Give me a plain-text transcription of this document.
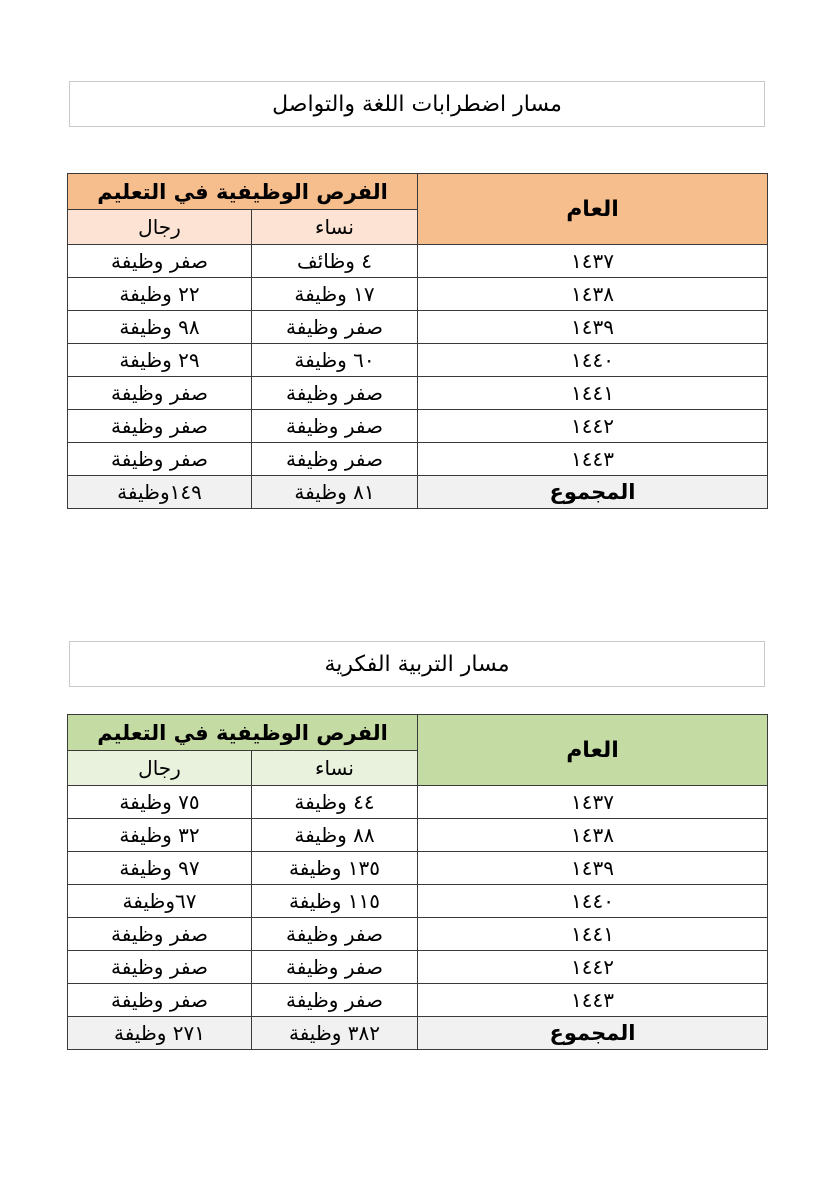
مسار اضطرابات اللغة والتواصل
العام	الفرص الوظيفية في التعليم	
	نساء	رجال
١٤٣٧	٤ وظائف	صفر وظيفة
١٤٣٨	١٧ وظيفة	٢٢ وظيفة
١٤٣٩	صفر وظيفة	٩٨ وظيفة
١٤٤٠	٦٠ وظيفة	٢٩ وظيفة
١٤٤١	صفر وظيفة	صفر وظيفة
١٤٤٢	صفر وظيفة	صفر وظيفة
١٤٤٣	صفر وظيفة	صفر وظيفة
المجموع	٨١ وظيفة	١٤٩وظيفة
مسار التربية الفكرية
العام	الفرص الوظيفية في التعليم	
	نساء	رجال
١٤٣٧	٤٤ وظيفة	٧٥ وظيفة
١٤٣٨	٨٨ وظيفة	٣٢ وظيفة
١٤٣٩	١٣٥ وظيفة	٩٧ وظيفة
١٤٤٠	١١٥ وظيفة	٦٧وظيفة
١٤٤١	صفر وظيفة	صفر وظيفة
١٤٤٢	صفر وظيفة	صفر وظيفة
١٤٤٣	صفر وظيفة	صفر وظيفة
المجموع	٣٨٢ وظيفة	٢٧١ وظيفة
